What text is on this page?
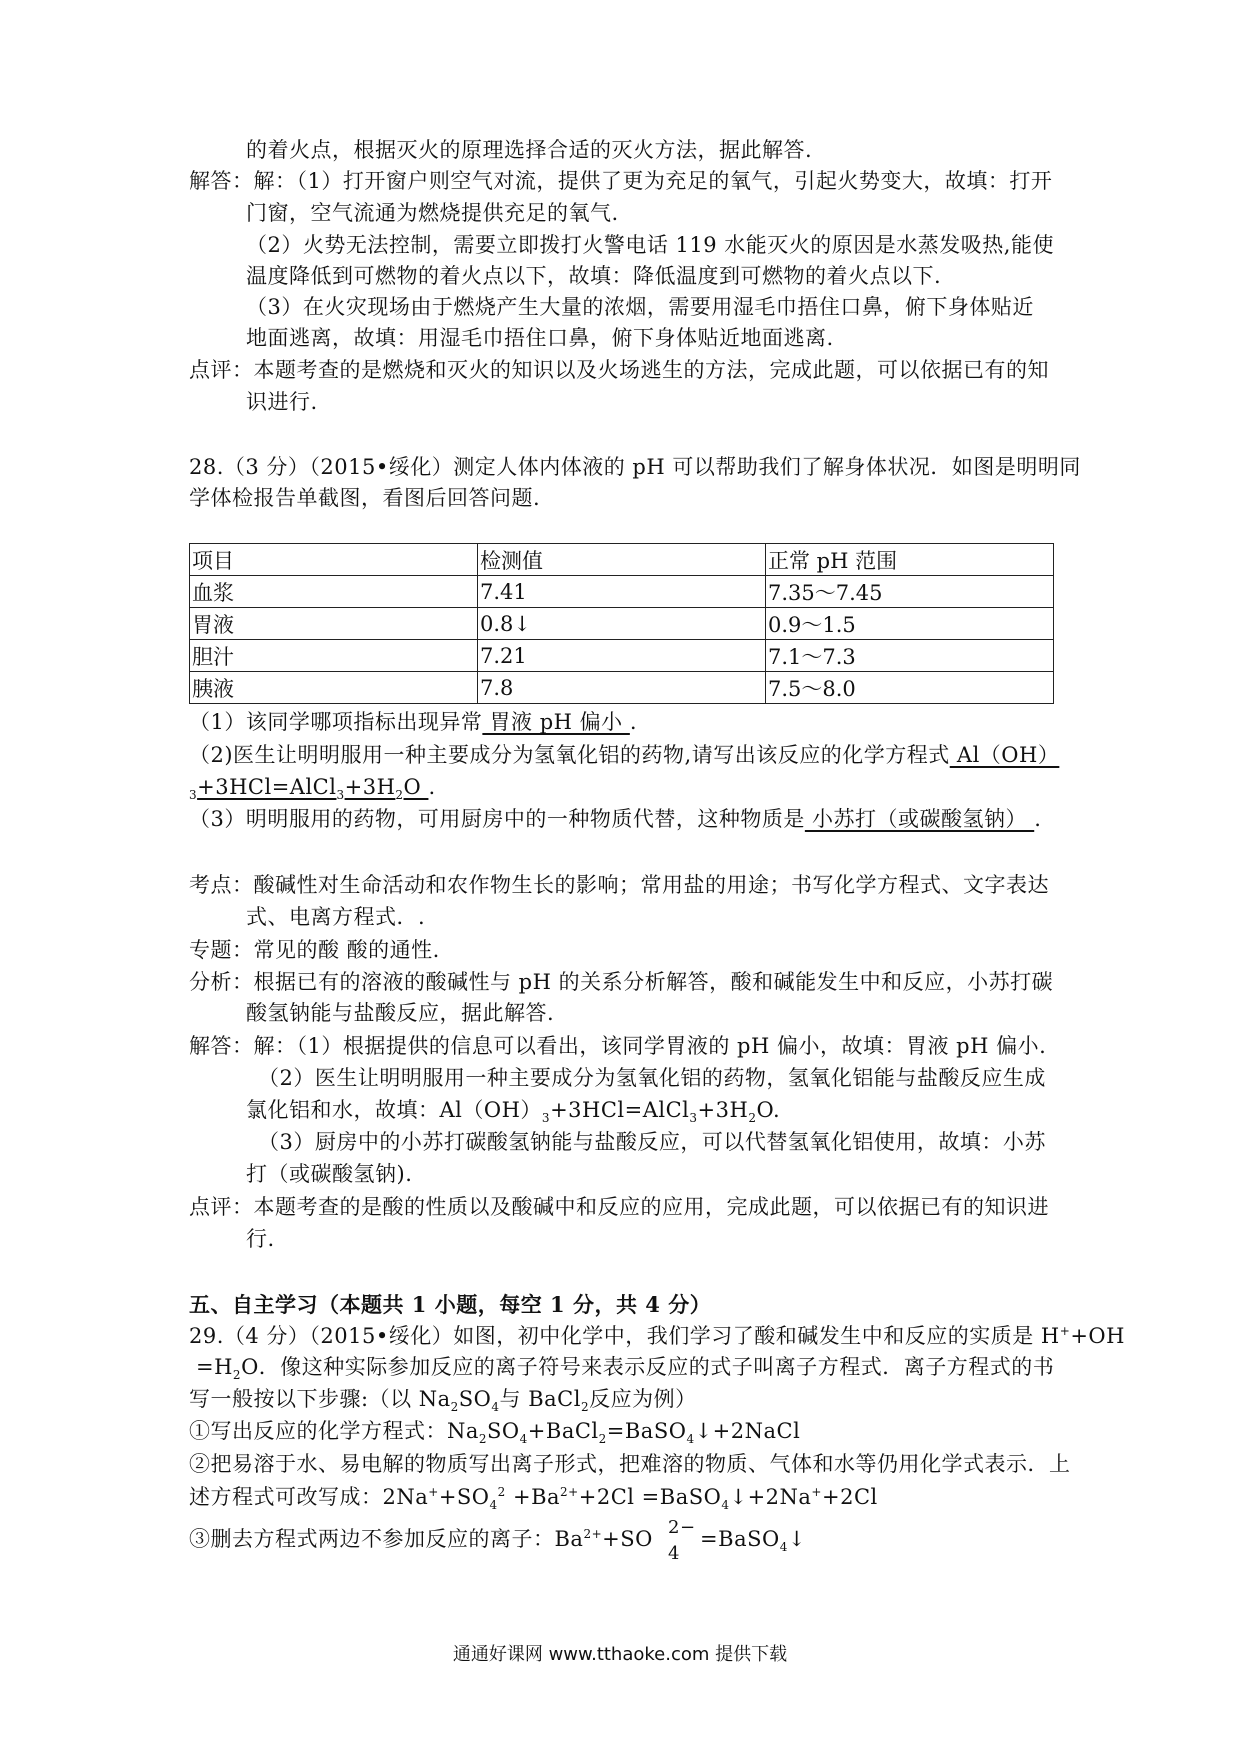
的着火点，根据灭火的原理选择合适的灭火方法，据此解答.
解答：解：（1）打开窗户则空气对流，提供了更为充足的氧气，引起火势变大，故填：打开
门窗，空气流通为燃烧提供充足的氧气.
（2）火势无法控制，需要立即拨打火警电话 119 水能灭火的原因是水蒸发吸热,能使
温度降低到可燃物的着火点以下，故填：降低温度到可燃物的着火点以下.
（3）在火灾现场由于燃烧产生大量的浓烟，需要用湿毛巾捂住口鼻，俯下身体贴近
地面逃离，故填：用湿毛巾捂住口鼻，俯下身体贴近地面逃离.
点评：本题考查的是燃烧和灭火的知识以及火场逃生的方法，完成此题，可以依据已有的知
识进行.
28.（3 分）（2015•绥化）测定人体内体液的 pH 可以帮助我们了解身体状况．如图是明明同
学体检报告单截图，看图后回答问题.
项目	检测值	正常 pH 范围
血浆	7.41	7.35～7.45
胃液	0.8↓	0.9～1.5
胆汁	7.21	7.1～7.3
胰液	7.8	7.5～8.0
（1）该同学哪项指标出现异常 胃液 pH 偏小 .
（2)医生让明明服用一种主要成分为氢氧化铝的药物,请写出该反应的化学方程式 Al（OH）
$_3+3HCl=AlCl_3+3H_2O$ .
（3）明明服用的药物，可用厨房中的一种物质代替，这种物质是 小苏打（或碳酸氢钠） .
考点：酸碱性对生命活动和农作物生长的影响；常用盐的用途；书写化学方程式、文字表达
式、电离方程式．.
专题：常见的酸 酸的通性.
分析：根据已有的溶液的酸碱性与 pH 的关系分析解答，酸和碱能发生中和反应，小苏打碳
酸氢钠能与盐酸反应，据此解答.
解答：解：（1）根据提供的信息可以看出，该同学胃液的 pH 偏小，故填：胃液 pH 偏小.
（2）医生让明明服用一种主要成分为氢氧化铝的药物，氢氧化铝能与盐酸反应生成
氯化铝和水，故填：$Al(OH)_3+3HCl=AlCl_3+3H_2O$.
（3）厨房中的小苏打碳酸氢钠能与盐酸反应，可以代替氢氧化铝使用，故填：小苏
打（或碳酸氢钠).
点评：本题考查的是酸的性质以及酸碱中和反应的应用，完成此题，可以依据已有的知识进
行.
五、自主学习（本题共 1 小题，每空 1 分，共 4 分）
29.（4 分）（2015•绥化）如图，初中化学中，我们学习了酸和碱发生中和反应的实质是 H++OH
$=H_2O$．像这种实际参加反应的离子符号来表示反应的式子叫离子方程式．离子方程式的书
写一般按以下步骤:（以 $Na_2SO_4$与 BaCl$_2$反应为例）
①写出反应的化学方程式：$Na_2SO_4+BaCl_2=BaSO_4↓+2NaCl$
②把易溶于水、易电解的物质写出离子形式，把难溶的物质、气体和水等仍用化学式表示．上
述方程式可改写成：$2Na^++SO_4^2 +Ba^{2+}+2Cl$ =BaSO$_4$↓+2Na++2Cl
③删去方程式两边不参加反应的离子：$Ba^{2+}+SO$ 2−
4
=BaSO$_4$↓
通通好课网 www.tthaoke.com 提供下载
